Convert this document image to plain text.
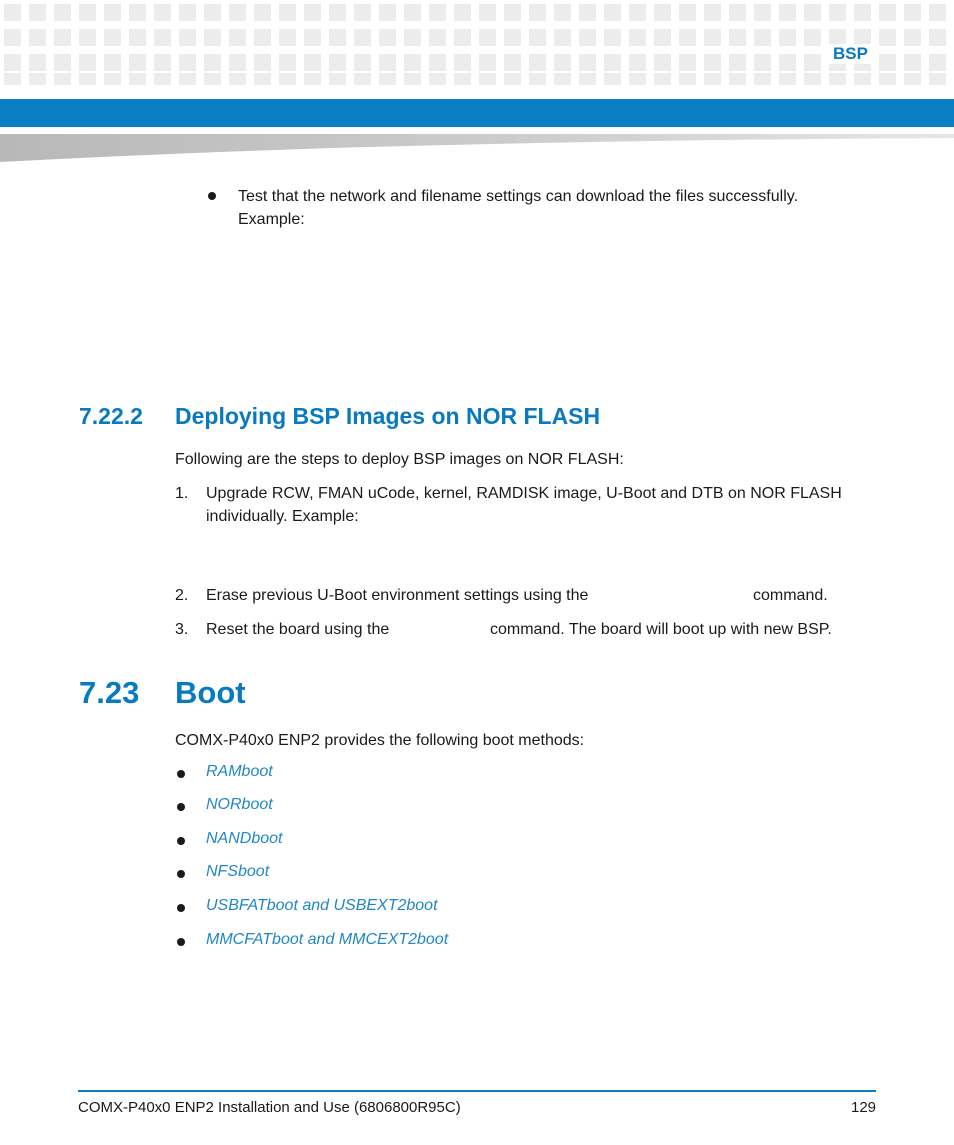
BSP
Test that the network and filename settings can download the files successfully.
Example:
7.22.2 Deploying BSP Images on NOR FLASH
Following are the steps to deploy BSP images on NOR FLASH:
1. Upgrade RCW, FMAN uCode, kernel, RAMDISK image, U-Boot and DTB on NOR FLASH
individually. Example:
2. Erase previous U-Boot environment settings using the	command.
3. Reset the board using the	command. The board will boot up with new BSP.
7.23 Boot
COMX-P40x0 ENP2 provides the following boot methods:
RAMboot
NORboot
NANDboot
NFSboot
USBFATboot and USBEXT2boot
MMCFATboot and MMCEXT2boot
COMX-P40x0 ENP2 Installation and Use (6806800R95C)	129
